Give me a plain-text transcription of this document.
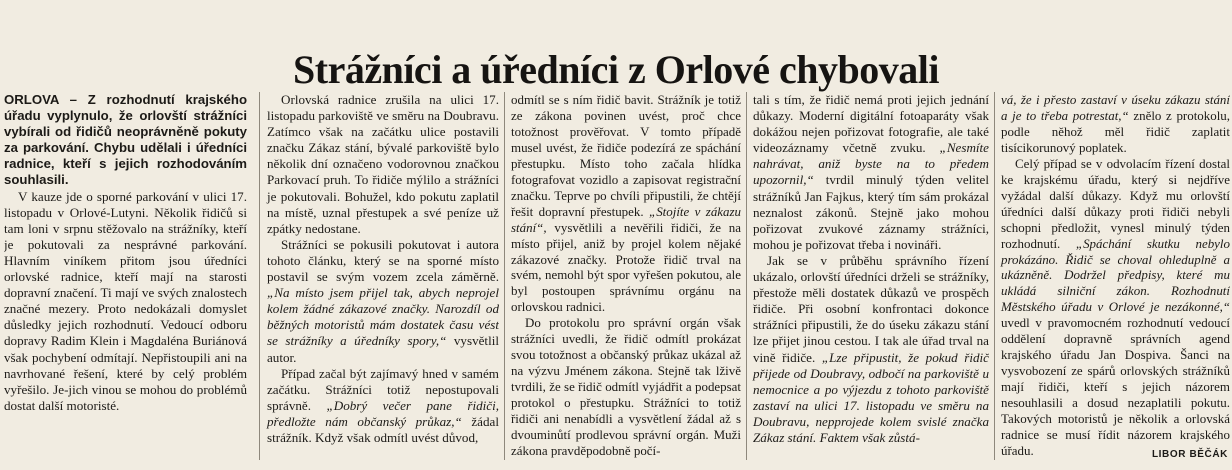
Strážníci a úředníci z Orlové chybovali

ORLOVA – Z rozhodnutí krajského úřadu vyplynulo, že orlovští strážníci vybírali od řidičů neoprávněně pokuty za parkování. Chybu udělali i úředníci radnice, kteří s jejich rozhodováním souhlasili.

V kauze jde o sporné parkování v ulici 17. listopadu v Orlové-Lutyni. Několik řidičů si tam loni v srpnu stěžovalo na strážníky, kteří je pokutovali za nesprávné parkování. Hlavním viníkem přitom jsou úředníci orlovské radnice, kteří mají na starosti dopravní značení. Ti mají ve svých znalostech značné mezery. Proto nedokázali domyslet důsledky jejich rozhodnutí. Vedoucí odboru dopravy Radim Klein i Magdaléna Buriánová však pochybení odmítají. Nepřistoupili ani na navrhované řešení, které by celý problém vyřešilo. Je-jich vinou se mohou do problémů dostat další motoristé.

Orlovská radnice zrušila na ulici 17. listopadu parkoviště ve směru na Doubravu. Zatímco však na začátku ulice postavili značku Zákaz stání, bývalé parkoviště bylo několik dní označeno vodorovnou značkou Parkovací pruh. To řidiče mýlilo a strážníci je pokutovali. Bohužel, kdo pokutu zaplatil na místě, uznal přestupek a své peníze už zpátky nedostane.

Strážníci se pokusili pokutovat i autora tohoto článku, který se na sporné místo postavil se svým vozem zcela záměrně. „Na místo jsem přijel tak, abych neprojel kolem žádné zákazové značky. Narozdíl od běžných motoristů mám dostatek času vést se strážníky a úředníky spory,“ vysvětlil autor.

Případ začal být zajímavý hned v samém začátku. Strážníci totiž nepostupovali správně. „Dobrý večer pane řidiči, předložte nám občanský průkaz,“ žádal strážník. Když však odmítl uvést důvod,

odmítl se s ním řidič bavit. Strážník je totiž ze zákona povinen uvést, proč chce totožnost prověřovat. V tomto případě musel uvést, že řidiče podezírá ze spáchání přestupku. Místo toho začala hlídka fotografovat vozidlo a zapisovat registrační značku. Teprve po chvíli připustili, že chtějí řešit dopravní přestupek. „Stojíte v zákazu stání“, vysvětlili a nevěřili řidiči, že na místo přijel, aniž by projel kolem nějaké zákazové značky. Protože řidič trval na svém, nemohl být spor vyřešen pokutou, ale byl postoupen správnímu orgánu na orlovskou radnici.

Do protokolu pro správní orgán však strážníci uvedli, že řidič odmítl prokázat svou totožnost a občanský průkaz ukázal až na výzvu Jménem zákona. Stejně tak lživě tvrdili, že se řidič odmítl vyjádřit a podepsat protokol o přestupku. Strážníci to totiž řidiči ani nenabídli a vysvětlení žádal až s dvouminůtí prodlevou správní orgán. Muži zákona pravděpodobně počí-

tali s tím, že řidič nemá proti jejich jednání důkazy. Moderní digitální fotoaparáty však dokážou nejen pořizovat fotografie, ale také videozáznamy včetně zvuku. „Nesmíte nahrávat, aniž byste na to předem upozornil,“ tvrdil minulý týden velitel strážníků Jan Fajkus, který tím sám prokázal neznalost zákonů. Stejně jako mohou pořizovat zvukové záznamy strážníci, mohou je pořizovat třeba i novináři.

Jak se v průběhu správního řízení ukázalo, orlovští úředníci drželi se strážníky, přestože měli dostatek důkazů ve prospěch řidiče. Při osobní konfrontaci dokonce strážníci připustili, že do úseku zákazu stání lze přijet jinou cestou. I tak ale úřad trval na vině řidiče. „Lze připustit, že pokud řidič přijede od Doubravy, odbočí na parkoviště u nemocnice a po výjezdu z tohoto parkoviště zastaví na ulici 17. listopadu ve směru na Doubravu, nepprojede kolem svislé značka Zákaz stání. Faktem však zůstá-

vá, že i přesto zastaví v úseku zákazu stání a je to třeba potrestat,“ znělo z protokolu, podle něhož měl řidič zaplatit tisícikorunový poplatek.

Celý případ se v odvolacím řízení dostal ke krajskému úřadu, který si nejdříve vyžádal další důkazy. Když mu orlovští úředníci další důkazy proti řidiči nebyli schopni předložit, vynesl minulý týden rozhodnutí. „Spáchání skutku nebylo prokázáno. Řidič se choval ohleduplně a ukázněně. Dodržel předpisy, které mu ukládá silniční zákon. Rozhodnutí Městského úřadu v Orlové je nezákonné,“ uvedl v pravomocném rozhodnutí vedoucí oddělení dopravně správních agend krajského úřadu Jan Dospiva. Šanci na vysvobození ze spárů orlovských strážníků mají řidiči, kteří s jejich názorem nesouhlasili a dosud nezaplatili pokutu. Takových motoristů je několik a orlovská radnice se musí řídit názorem krajského úřadu.	LIBOR BĚČÁK
